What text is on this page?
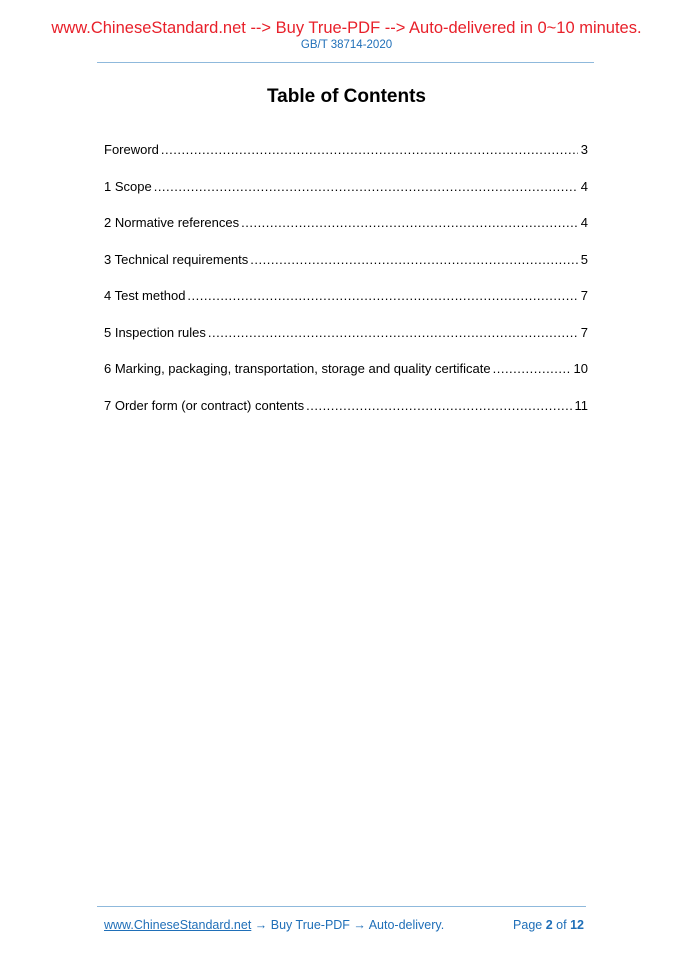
www.ChineseStandard.net --> Buy True-PDF --> Auto-delivered in 0~10 minutes.
GB/T 38714-2020
Table of Contents
Foreword .....	3
1 Scope .....	4
2 Normative references .....	4
3 Technical requirements .....	5
4 Test method .....	7
5 Inspection rules .....	7
6 Marking, packaging, transportation, storage and quality certificate .....	10
7 Order form (or contract) contents .....	11
www.ChineseStandard.net → Buy True-PDF → Auto-delivery.	Page 2 of 12
